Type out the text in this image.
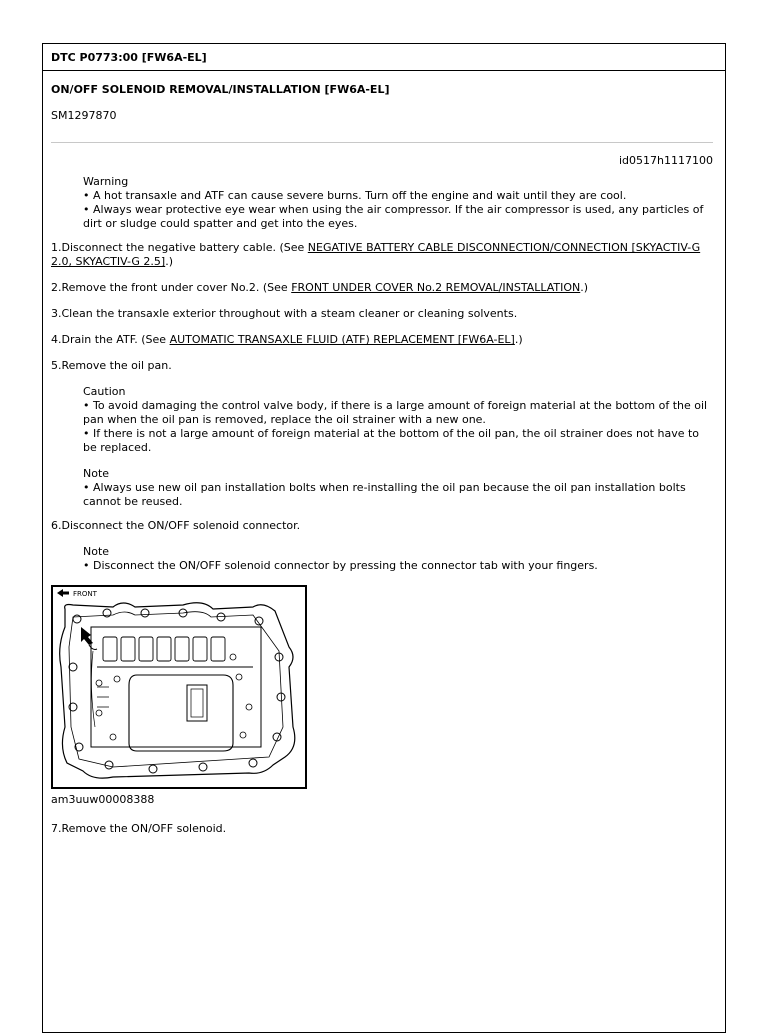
DTC P0773:00 [FW6A-EL]
ON/OFF SOLENOID REMOVAL/INSTALLATION [FW6A-EL]
SM1297870
id0517h1117100
Warning
• A hot transaxle and ATF can cause severe burns. Turn off the engine and wait until they are cool.
• Always wear protective eye wear when using the air compressor. If the air compressor is used, any particles of dirt or sludge could spatter and get into the eyes.
1.Disconnect the negative battery cable. (See NEGATIVE BATTERY CABLE DISCONNECTION/CONNECTION [SKYACTIV-G 2.0, SKYACTIV-G 2.5].)
2.Remove the front under cover No.2. (See FRONT UNDER COVER No.2 REMOVAL/INSTALLATION.)
3.Clean the transaxle exterior throughout with a steam cleaner or cleaning solvents.
4.Drain the ATF. (See AUTOMATIC TRANSAXLE FLUID (ATF) REPLACEMENT [FW6A-EL].)
5.Remove the oil pan.
Caution
• To avoid damaging the control valve body, if there is a large amount of foreign material at the bottom of the oil pan when the oil pan is removed, replace the oil strainer with a new one.
• If there is not a large amount of foreign material at the bottom of the oil pan, the oil strainer does not have to be replaced.
Note
• Always use new oil pan installation bolts when re-installing the oil pan because the oil pan installation bolts cannot be reused.
6.Disconnect the ON/OFF solenoid connector.
Note
• Disconnect the ON/OFF solenoid connector by pressing the connector tab with your fingers.
FRONT
am3uuw00008388
7.Remove the ON/OFF solenoid.
